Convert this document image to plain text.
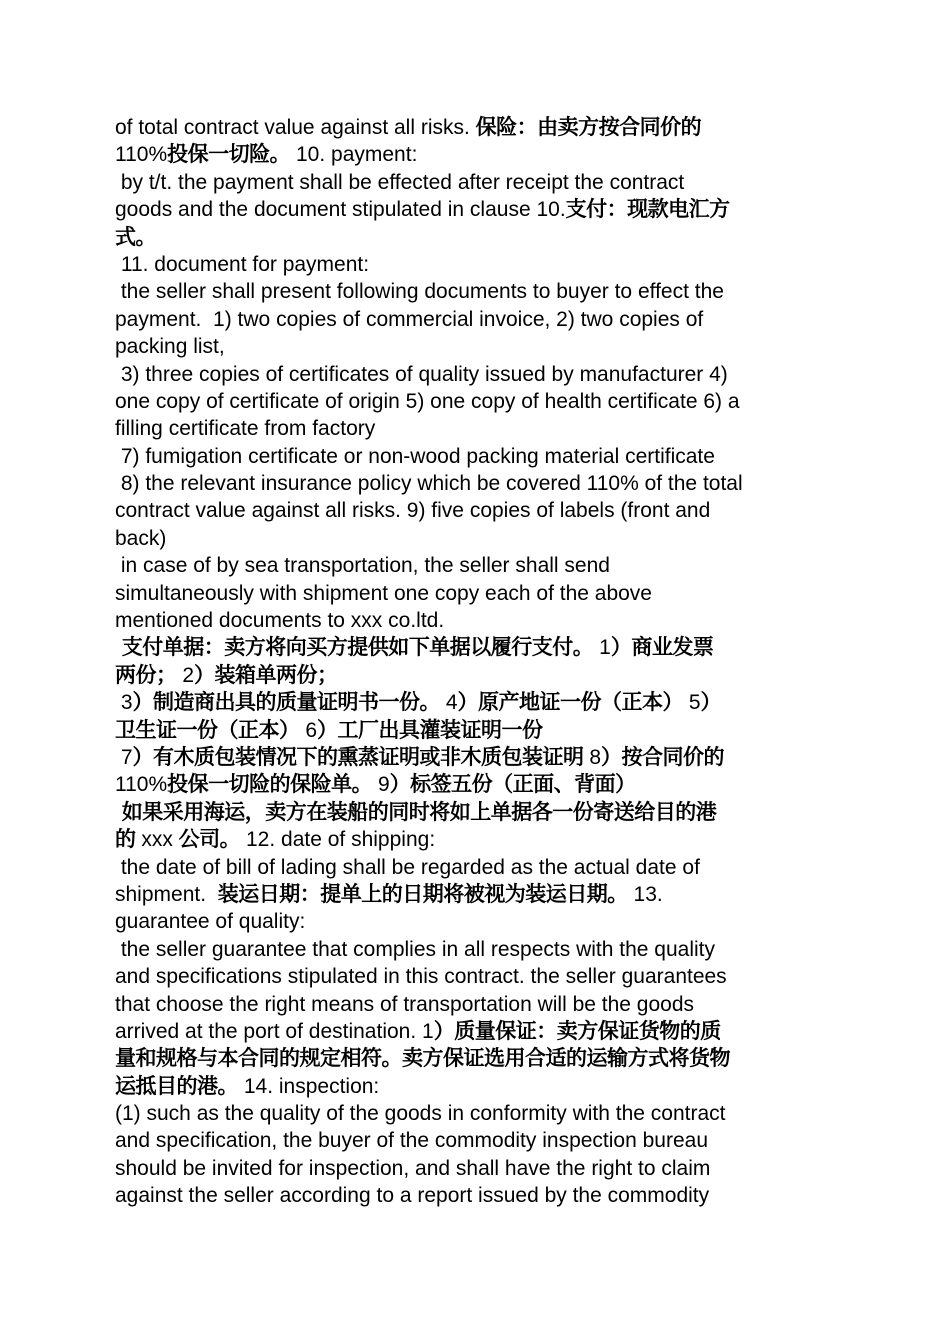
of total contract value against all risks. 保险：由卖方按合同价的
110%投保一切险。 10. payment:
by t/t. the payment shall be effected after receipt the contract
goods and the document stipulated in clause 10.支付：现款电汇方
式。
11. document for payment:
the seller shall present following documents to buyer to effect the
payment.  1) two copies of commercial invoice, 2) two copies of
packing list,
3) three copies of certificates of quality issued by manufacturer 4)
one copy of certificate of origin 5) one copy of health certificate 6) a
filling certificate from factory
7) fumigation certificate or non-wood packing material certificate
8) the relevant insurance policy which be covered 110% of the total
contract value against all risks. 9) five copies of labels (front and
back)
in case of by sea transportation, the seller shall send
simultaneously with shipment one copy each of the above
mentioned documents to xxx co.ltd.
支付单据：卖方将向买方提供如下单据以履行支付。 1）商业发票
两份； 2）装箱单两份；
3）制造商出具的质量证明书一份。 4）原产地证一份（正本） 5）
卫生证一份（正本） 6）工厂出具灌装证明一份
7）有木质包装情况下的熏蒸证明或非木质包装证明 8）按合同价的
110%投保一切险的保险单。 9）标签五份（正面、背面）
如果采用海运，卖方在装船的同时将如上单据各一份寄送给目的港
的 xxx 公司。 12. date of shipping:
the date of bill of lading shall be regarded as the actual date of
shipment.  装运日期：提单上的日期将被视为装运日期。 13.
guarantee of quality:
the seller guarantee that complies in all respects with the quality
and specifications stipulated in this contract. the seller guarantees
that choose the right means of transportation will be the goods
arrived at the port of destination. 1）质量保证：卖方保证货物的质
量和规格与本合同的规定相符。卖方保证选用合适的运输方式将货物
运抵目的港。 14. inspection:
(1) such as the quality of the goods in conformity with the contract
and specification, the buyer of the commodity inspection bureau
should be invited for inspection, and shall have the right to claim
against the seller according to a report issued by the commodity
